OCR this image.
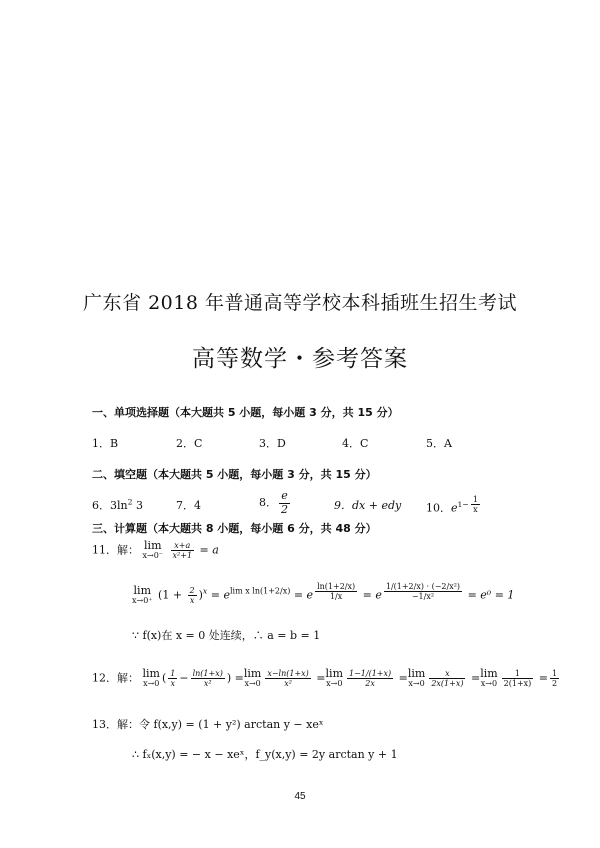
广东省 2018 年普通高等学校本科插班生招生考试
高等数学・参考答案
一、单项选择题（本大题共 5 小题，每小题 3 分，共 15 分）
1．B	2．C	3．D	4．C	5．A
二、填空题（本大题共 5 小题，每小题 3 分，共 15 分）
6．$3\ln^2$ 3	7．4	8． $\frac{e}{2}$	9．dx + edy 10．$e^{1- \frac{1}{x}}$
三、计算题（本大题共 8 小题，每小题 6 分，共 48 分）
11．解： lim
x→0⁻
$\frac{x+a}{\text{x²+1}} = a$
lim
x→0⁺ $(1 + \frac{2}{x} )^x = e^{lim x ln(1+2/x)} = e$ $^{\frac{\ln(1+2/x)}{1/x}}$ = e $^{\frac{\text{1/(1+2/x) · (−2/x²)}}{\text{−1/x²}}}$ = e⁰ = 1
∵ f(x)在 x = 0 处连续，∴ a = b = 1
12．解： lim
x→0 ( $\frac{1}{x} - \frac{\ln(1+x)}{\text{x²}}$ ) = lim
$x\to 0 \frac{x-\ln(1+x)}{\text{x²}} = \lim$
$x\to 0 \frac{1-1/(1+x)}{2x} = \lim$
$x\to 0 \frac{x}{2x(1+x)} = \lim$
$x\to 0 \frac{1}{2(1+x)} = \frac{1}{2}$
13．解：令 f(x,y) = (1 + y²) arctan y − xeˣ
∴ fₓ(x,y) = − x − xeˣ，f_y(x,y) = 2y arctan y + 1
45
